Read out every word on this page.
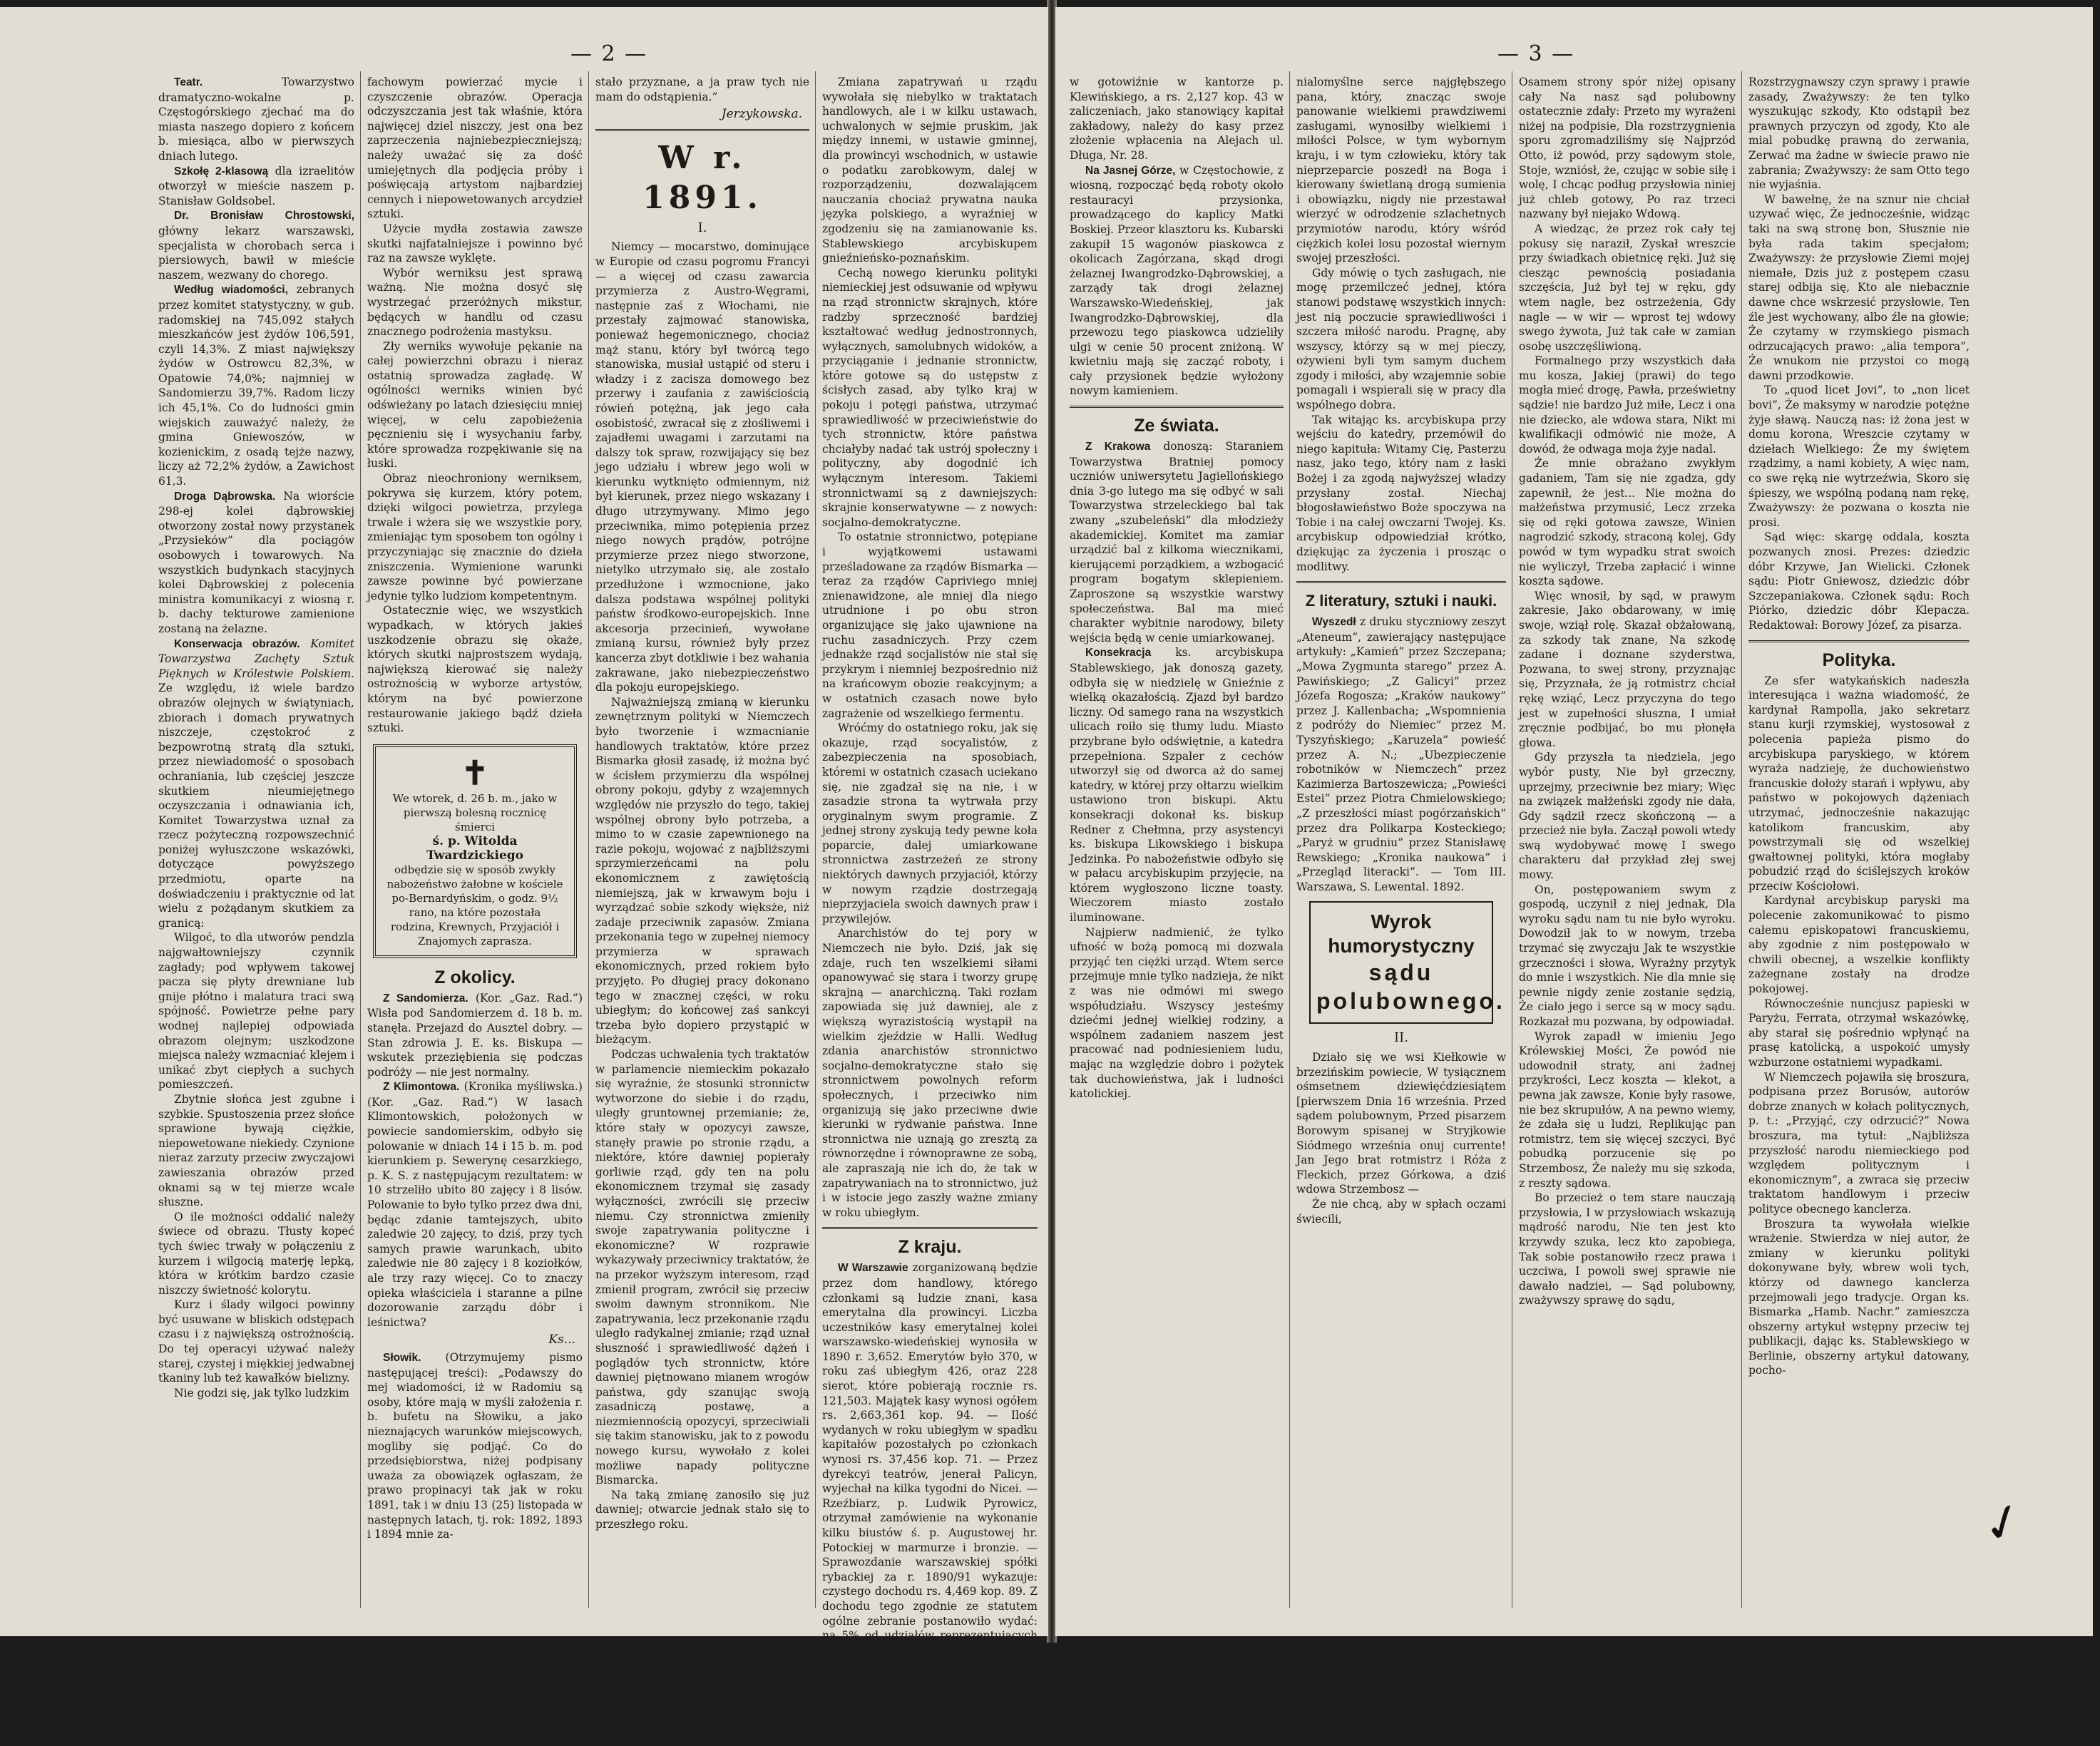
— 2 —

Teatr.	Towarzystwo dramatyczno-wokalne p. Częstogórskiego zjechać ma do miasta naszego dopiero z końcem b. miesiąca, albo w pierwszych dniach lutego.

Szkołę 2-klasową dla izraelitów otworzył w mieście naszem p. Stanisław Goldsobel.

Dr. Bronisław Chrostowski, główny lekarz warszawski, specjalista w chorobach serca i piersiowych, bawił w mieście naszem, wezwany do chorego.

Według wiadomości, zebranych przez komitet statystyczny, w gub. radomskiej na 745,092 stałych mieszkańców jest żydów 106,591, czyli 14,3%. Z miast największy żydów w Ostrowcu 82,3%, w Opatowie 74,0%; najmniej w Sandomierzu 39,7%. Radom liczy ich 45,1%. Co do ludności gmin wiejskich zauważyć należy, że gmina Gniewoszów, w kozienickim, z osadą tejże nazwy, liczy aż 72,2% żydów, a Zawichost 61,3.

Droga Dąbrowska. Na wiorście 298-ej kolei dąbrowskiej otworzony został nowy przystanek „Przysieków” dla pociągów osobowych i towarowych. Na wszystkich budynkach stacyjnych kolei Dąbrowskiej z polecenia ministra komunikacyi z wiosną r. b. dachy tekturowe zamienione zostaną na żelazne.

Konserwacja obrazów. Komitet Towarzystwa Zachęty Sztuk Pięknych w Królestwie Polskiem. Ze względu, iż wiele bardzo obrazów olejnych w świątyniach, zbiorach i domach prywatnych niszczeje, częstokroć z bezpowrotną stratą dla sztuki, przez niewiadomość o sposobach ochraniania, lub częściej jeszcze skutkiem nieumiejętnego oczyszczania i odnawiania ich, Komitet Towarzystwa uznał za rzecz pożyteczną rozpowszechnić poniżej wyłuszczone wskazówki, dotyczące powyższego przedmiotu, oparte na doświadczeniu i praktycznie od lat wielu z pożądanym skutkiem za granicą:

Wilgoć, to dla utworów pendzla najgwałtowniejszy czynnik zagłady; pod wpływem takowej pacza się płyty drewniane lub gnije płótno i malatura traci swą spójność. Powietrze pełne pary wodnej najlepiej odpowiada obrazom olejnym; uszkodzone miejsca należy wzmacniać klejem i unikać zbyt ciepłych a suchych pomieszczeń.

Zbytnie słońca jest zgubne i szybkie. Spustoszenia przez słońce sprawione bywają ciężkie, niepowetowane niekiedy. Czynione nieraz zarzuty przeciw zwyczajowi zawieszania obrazów przed oknami są w tej mierze wcale słuszne.

O ile możności oddalić należy świece od obrazu. Tłusty kopeć tych świec trwały w połączeniu z kurzem i wilgocią materję lepką, która w krótkim bardzo czasie niszczy świetność kolorytu.

Kurz i ślady wilgoci powinny być usuwane w bliskich odstępach czasu i z największą ostrożnością. Do tej operacyi używać należy starej, czystej i miękkiej jedwabnej tkaniny lub też kawałków bielizny.

Nie godzi się, jak tylko ludzkim

fachowym powierzać mycie i czyszczenie obrazów. Operacja odczyszczania jest tak właśnie, która najwięcej dziel niszczy, jest ona bez zaprzeczenia najniebezpieczniejszą; należy uważać się za dość umiejętnych dla podjęcia próby i poświęcają artystom najbardziej cennych i niepowetowanych arcydzieł sztuki.

Użycie mydła zostawia zawsze skutki najfatalniejsze i powinno być raz na zawsze wyklęte.

Wybór werniksu jest sprawą ważną. Nie można dosyć się wystrzegać przeróżnych mikstur, będących w handlu od czasu znacznego podrożenia mastyksu.

Zły werniks wywołuje pękanie na całej powierzchni obrazu i nieraz ostatnią sprowadza zagładę. W ogólności werniks winien być odświeżany po latach dziesięciu mniej więcej, w celu zapobieżenia pęcznieniu się i wysychaniu farby, które sprowadza rozpękiwanie się na łuski.

Obraz nieochroniony werniksem, pokrywa się kurzem, który potem, dzięki wilgoci powietrza, przylega trwale i wżera się we wszystkie pory, zmieniając tym sposobem ton ogólny i przyczyniając się znacznie do dzieła zniszczenia. Wymienione warunki zawsze powinne być powierzane jedynie tylko ludziom kompetentnym.

Ostatecznie więc, we wszystkich wypadkach, w których jakieś uszkodzenie obrazu się okaże, których skutki najprostszem wydają, największą kierować się należy ostrożnością w wyborze artystów, którym na być powierzone restaurowanie jakiego bądź dzieła sztuki.

✝
We wtorek, d. 26 b. m., jako w pierwszą bolesną rocznicę śmierci
ś. p. Witolda Twardzickiego
odbędzie się w sposób zwykły nabożeństwo żałobne w kościele po-Bernardyńskim, o godz. 9½ rano, na które pozostała rodzina, Krewnych, Przyjaciół i Znajomych zaprasza.
Z okolicy.

Z Sandomierza. (Kor. „Gaz. Rad.”) Wisła pod Sandomierzem d. 18 b. m. stanęła. Przejazd do Ausztel dobry. — Stan zdrowia J. E. ks. Biskupa — wskutek przeziębienia się podczas podróży — nie jest normalny.

Z Klimontowa. (Kronika myśliwska.) (Kor. „Gaz. Rad.”) W lasach Klimontowskich, położonych w powiecie sandomierskim, odbyło się polowanie w dniach 14 i 15 b. m. pod kierunkiem p. Sewerynę cesarzkiego, p. K. S. z następującym rezultatem: w 10 strzeliło ubito 80 zajęcy i 8 lisów. Polowanie to było tylko przez dwa dni, będąc zdanie tamtejszych, ubito zaledwie 20 zajęcy, to dziś, przy tych samych prawie warunkach, ubito zaledwie nie 80 zajęcy i 8 koziołków, ale trzy razy więcej. Co to znaczy opieka właściciela i staranne a pilne dozorowanie zarządu dóbr i leśnictwa?

Ks...

Słowik. (Otrzymujemy pismo następującej treści): „Podawszy do mej wiadomości, iż w Radomiu są osoby, które mają w myśli założenia r. b. bufetu na Słowiku, a jako nieznających warunków miejscowych, mogliby się podjąć. Co do przedsiębiorstwa, niżej podpisany uważa za obowiązek ogłaszam, że prawo propinacyi tak jak w roku 1891, tak i w dniu 13 (25) listopada w następnych latach, tj. rok: 1892, 1893 i 1894 mnie za-

stało przyznane, a ja praw tych nie mam do odstąpienia.”

Jerzykowska.
W r. 1891.
I.

Niemcy — mocarstwo, dominujące w Europie od czasu pogromu Francyi — a więcej od czasu zawarcia przymierza z Austro-Węgrami, następnie zaś z Włochami, nie przestały zajmować stanowiska, ponieważ hegemonicznego, chociaż mąż stanu, który był twórcą tego stanowiska, musiał ustąpić od steru i władzy i z zacisza domowego bez przerwy i zaufania z zawiściością rówień potężną, jak jego cała osobistość, zwracał się z złośliwemi i zajadłemi uwagami i zarzutami na dalszy tok spraw, rozwijający się bez jego udziału i wbrew jego woli w kierunku wytknięto odmiennym, niż był kierunek, przez niego wskazany i długo utrzymywany. Mimo jego przeciwnika, mimo potępienia przez niego nowych prądów, potrójne przymierze przez niego stworzone, nietylko utrzymało się, ale zostało przedłużone i wzmocnione, jako dalsza podstawa wspólnej polityki państw środkowo-europejskich. Inne akcesorja przecinień, wywołane zmianą kursu, również były przez kancerza zbyt dotkliwie i bez wahania zakrawane, jako niebezpieczeństwo dla pokoju europejskiego.

Najważniejszą zmianą w kierunku zewnętrznym polityki w Niemczech było tworzenie i wzmacnianie handlowych traktatów, które przez Bismarka głosił zasadę, iż można być w ścisłem przymierzu dla wspólnej obrony pokoju, gdyby z wzajemnych względów nie przyszło do tego, takiej wspólnej obrony było potrzeba, a mimo to w czasie zapewnionego na razie pokoju, wojować z najbliższymi sprzymierzeńcami na polu ekonomicznem z zawiętością niemiejszą, jak w krwawym boju i wyrządzać sobie szkody więksże, niż zadaje przeciwnik zapasów. Zmiana przekonania tego w zupełnej niemocy przymierza w sprawach ekonomicznych, przed rokiem było przyjęto. Po długiej pracy dokonano tego w znacznej części, w roku ubiegłym; do końcowej zaś sankcyi trzeba było dopiero przystąpić w bieżącym.

Podczas uchwalenia tych traktatów w parlamencie niemieckim pokazało się wyraźnie, że stosunki stronnictw wytworzone do siebie i do rządu, uległy gruntownej przemianie; że, które stały w opozycyi zawsze, stanęły prawie po stronie rządu, a niektóre, które dawniej popierały gorliwie rząd, gdy ten na polu ekonomicznem trzymał się zasady wyłączności, zwrócili się przeciw niemu. Czy stronnictwa zmieniły swoje zapatrywania polityczne i ekonomiczne? W rozprawie wykazywały przeciwnicy traktatów, że na przekor wyższym interesom, rząd zmienił program, zwrócił się przeciw swoim dawnym stronnikom. Nie zapatrywania, lecz przekonanie rządu uległo radykalnej zmianie; rząd uznał słuszność i sprawiedliwość dążeń i poglądów tych stronnictw, które dawniej piętnowano mianem wrogów państwa, gdy szanując swoją zasadniczą postawę, a niezmiennością opozycyi, sprzeciwiali się takim stanowisku, jak to z powodu nowego kursu, wywołało z kolei możliwe napady polityczne Bismarcka.

Na taką zmianę zanosiło się już dawniej; otwarcie jednak stało się to przeszłego roku.

Zmiana zapatrywań u rządu wywołała się niebylko w traktatach handlowych, ale i w kilku ustawach, uchwalonych w sejmie pruskim, jak między innemi, w ustawie gminnej, dla prowincyi wschodnich, w ustawie o podatku zarobkowym, dalej w rozporządzeniu, dozwalającem nauczania chociaż prywatna nauka języka polskiego, a wyraźniej w zgodzeniu się na zamianowanie ks. Stablewskiego arcybiskupem gnieźnieńsko-poznańskim.

Cechą nowego kierunku polityki niemieckiej jest odsuwanie od wpływu na rząd stronnictw skrajnych, które radzby sprzeczność bardziej kształtować według jednostronnych, wyłącznych, samolubnych widoków, a przyciąganie i jednanie stronnictw, które gotowe są do ustępstw z ścisłych zasad, aby tylko kraj w pokoju i potęgi państwa, utrzymać sprawiedliwość w przeciwieństwie do tych stronnictw, które państwa chciałyby nadać tak ustrój społeczny i polityczny, aby dogodnić ich wyłącznym interesom. Takiemi stronnictwami są z dawniejszych: skrajnie konserwatywne — z nowych: socjalno-demokratyczne.

To ostatnie stronnictwo, potępiane i wyjątkowemi ustawami prześladowane za rządów Bismarka — teraz za rządów Capriviego mniej znienawidzone, ale mniej dla niego utrudnione i po obu stron organizujące się jako ujawnione na ruchu zasadniczych. Przy czem jednakże rząd socjalistów nie stał się przykrym i niemniej bezpośrednio niż na krańcowym obozie reakcyjnym; a w ostatnich czasach nowe było zagrażenie od wszelkiego fermentu.

Wróćmy do ostatniego roku, jak się okazuje, rząd socyalistów, z zabezpieczenia na sposobiach, któremi w ostatnich czasach uciekano się, nie zgadzał się na nie, i w zasadzie strona ta wytrwała przy oryginalnym swym programie. Z jednej strony zyskują tedy pewne koła poparcie, dalej umiarkowane stronnictwa zastrzeżeń ze strony niektórych dawnych przyjaciół, którzy w nowym rządzie dostrzegają nieprzyjaciela swoich dawnych praw i przywilejów.

Anarchistów do tej pory w Niemczech nie było. Dziś, jak się zdaje, ruch ten wszelkiemi siłami opanowywać się stara i tworzy grupę skrajną — anarchiczną. Taki rozłam zapowiada się już dawniej, ale z większą wyrazistością wystąpił na wielkim zjeździe w Halli. Według zdania anarchistów stronnictwo socjalno-demokratyczne stało się stronnictwem powolnych reform społecznych, i przeciwko nim organizują się jako przeciwne dwie kierunki w rydwanie państwa. Inne stronnictwa nie uznają go zresztą za równorzędne i równoprawne ze sobą, ale zapraszają nie ich do, że tak w zapatrywaniach na to stronnictwo, już i w istocie jego zaszły ważne zmiany w roku ubiegłym.

Z kraju.

W Warszawie zorganizowaną będzie przez dom handlowy, którego członkami są ludzie znani, kasa emerytalna dla prowincyi. Liczba uczestników kasy emerytalnej kolei warszawsko-wiedeńskiej wynosiła w 1890 r. 3,652. Emerytów było 370, w roku zaś ubiegłym 426, oraz 228 sierot, które pobierają rocznie rs. 121,503. Majątek kasy wynosi ogółem rs. 2,663,361 kop. 94. — Ilość wydanych w roku ubiegłym w spadku kapitałów pozostałych po członkach wynosi rs. 37,456 kop. 71. — Przez dyrekcyi teatrów, jenerał Palicyn, wyjechał na kilka tygodni do Nicei. — Rzeźbiarz, p. Ludwik Pyrowicz, otrzymał zamówienie na wykonanie kilku biustów ś. p. Augustowej hr. Potockiej w marmurze i bronzie. — Sprawozdanie warszawskiej spółki rybackiej za r. 1890/91 wykazuje: czystego dochodu rs. 4,469 kop. 89. Z dochodu tego zgodnie ze statutem ogólne zebranie postanowiło wydać: na 5% od udziałów reprezentujących sumę rs. 53,000, z reszty rs. 629 kop. 34 przeznaczono na rozwiązanie dalszego interesu; na przekroczenie swego kapitału zapasowego; na budowę rs. 35,000 — w. k. 69 kop. dodano; 6,088 kop. 27. Sumę tę, z której rs. 3,960 kop. 84, pozostaje

— 3 —

w gotowiźnie w kantorze p. Klewińskiego, a rs. 2,127 kop. 43 w zaliczeniach, jako stanowiący kapitał zakładowy, należy do kasy przez złożenie wpłacenia na Alejach ul. Długa, Nr. 28.

Na Jasnej Górze, w Częstochowie, z wiosną, rozpocząć będą roboty około restauracyi przysionka, prowadzącego do kaplicy Matki Boskiej. Przeor klasztoru ks. Kubarski zakupił 15 wagonów piaskowca z okolicach Zagórzana, skąd drogi żelaznej Iwangrodzko-Dąbrowskiej, a zarządy tak drogi żelaznej Warszawsko-Wiedeńskiej, jak Iwangrodzko-Dąbrowskiej, dla przewozu tego piaskowca udzieliły ulgi w cenie 50 procent zniżoną. W kwietniu mają się zacząć roboty, i cały przysionek będzie wyłożony nowym kamieniem.

Ze świata.

Z Krakowa donoszą: Staraniem Towarzystwa Bratniej pomocy uczniów uniwersytetu Jagiellońskiego dnia 3-go lutego ma się odbyć w sali Towarzystwa strzeleckiego bal tak zwany „szubeleński” dla młodzieży akademickiej. Komitet ma zamiar urządzić bal z kilkoma wiecznikami, kierującemi porządkiem, a wzbogacić program bogatym sklepieniem. Zaproszone są wszystkie warstwy społeczeństwa. Bal ma mieć charakter wybitnie narodowy, bilety wejścia będą w cenie umiarkowanej.

Konsekracja ks. arcybiskupa Stablewskiego, jak donoszą gazety, odbyła się w niedzielę w Gnieźnie z wielką okazałością. Zjazd był bardzo liczny. Od samego rana na wszystkich ulicach roiło się tłumy ludu. Miasto przybrane było odświętnie, a katedra przepełniona. Szpaler z cechów utworzył się od dworca aż do samej katedry, w której przy ołtarzu wielkim ustawiono tron biskupi. Aktu konsekracji dokonał ks. biskup Redner z Chełmna, przy asystencyi ks. biskupa Likowskiego i biskupa Jedzinka. Po nabożeństwie odbyło się w pałacu arcybiskupim przyjęcie, na którem wygłoszono liczne toasty. Wieczorem miasto zostało iluminowane.

Najpierw nadmienić, że tylko ufność w bożą pomocą mi dozwala przyjąć ten ciężki urząd. Wtem serce przejmuje mnie tylko nadzieja, że nikt z was nie odmówi mi swego współudziału. Wszyscy jesteśmy dziećmi jednej wielkiej rodziny, a wspólnem zadaniem naszem jest pracować nad podniesieniem ludu, mając na względzie dobro i pożytek tak duchowieństwa, jak i ludności katolickiej.

nialomyślne serce najgłębszego pana, który, znacząc swoje panowanie wielkiemi prawdziwemi zasługami, wynosiłby wielkiemi i miłości Polsce, w tym wybornym kraju, i w tym człowieku, który tak nieprzeparcie poszedł na Boga i kierowany świetlaną drogą sumienia i obowiązku, nigdy nie przestawał wierzyć w odrodzenie szlachetnych przymiotów narodu, który wśród ciężkich kolei losu pozostał wiernym swojej przeszłości.

Gdy mówię o tych zasługach, nie mogę przemilczeć jednej, która stanowi podstawę wszystkich innych: jest nią poczucie sprawiedliwości i szczera miłość narodu. Pragnę, aby wszyscy, którzy są w mej pieczy, ożywieni byli tym samym duchem zgody i miłości, aby wzajemnie sobie pomagali i wspierali się w pracy dla wspólnego dobra.

Tak witając ks. arcybiskupa przy wejściu do katedry, przemówił do niego kapituła: Witamy Cię, Pasterzu nasz, jako tego, który nam z łaski Bożej i za zgodą najwyższej władzy przysłany został. Niechaj błogosławieństwo Boże spoczywa na Tobie i na całej owczarni Twojej. Ks. arcybiskup odpowiedział krótko, dziękując za życzenia i prosząc o modlitwy.

Z literatury, sztuki i nauki.

Wyszedł z druku styczniowy zeszyt „Ateneum”, zawierający następujące artykuły: „Kamień” przez Szczepana; „Mowa Zygmunta starego” przez A. Pawińskiego; „Z Galicyi” przez Józefa Rogosza; „Kraków naukowy” przez J. Kallenbacha; „Wspomnienia z podróży do Niemiec” przez M. Tyszyńskiego; „Karuzela” powieść przez A. N.; „Ubezpieczenie robotników w Niemczech” przez Kazimierza Bartoszewicza; „Powieści Estei” przez Piotra Chmielowskiego; „Z przeszłości miast pogórzańskich” przez dra Polikarpa Kosteckiego; „Paryż w grudniu” przez Stanisławę Rewskiego; „Kronika naukowa” i „Przegląd literacki”. — Tom III. Warszawa, S. Lewental. 1892.

Wyrok humorystyczny
sądu polubownego.
II.

Działo się we wsi Kiełkowie w brzezińskim powiecie, W tysiącznem ośmsetnem dziewięćdziesiątem [pierwszem Dnia 16 września. Przed sądem polubownym, Przed pisarzem Borowym spisanej w Stryjkowie Siódmego września onuj currente! Jan Jego brat rotmistrz i Róża z Fleckich, przez Górkowa, a dziś wdowa Strzembosz —

Że nie chcą, aby w spłach oczami świecili,

Osamem strony spór niżej opisany cały Na nasz sąd polubowny ostatecznie zdały: Przeto my wyrażeni niżej na podpisie, Dla rozstrzygnienia sporu zgromadziliśmy się Najprzód Otto, iż powód, przy sądowym stole, Stoje, wzniósł, że, czując w sobie siłę i wolę, I chcąc podług przysłowia niniej już chleb gotowy, Po raz trzeci nazwany był niejako Wdową.

A wiedząc, że przez rok cały tej pokusy się naraził, Zyskał wreszcie przy świadkach obietnicę ręki. Już się ciesząc pewnością posiadania szczęścia, Już był tej w ręku, gdy wtem nagle, bez ostrzeżenia, Gdy nagle — w wir — wprost tej wdowy swego żywota, Już tak całe w zamian osobę uszczęśliwioną.

Formalnego przy wszystkich dała mu kosza, Jakiej (prawi) do tego mogła mieć drogę, Pawła, prześwietny sądzie! nie bardzo Już miłe, Lecz i ona nie dziecko, ale wdowa stara, Nikt mi kwalifikacji odmówić nie może, A dowód, że odwaga moja żyje nadal.

Że mnie obrażano zwykłym gadaniem, Tam się nie zgadza, gdy zapewnił, że jest... Nie można do małżeństwa przymusić, Lecz zrzeka się od ręki gotowa zawsze, Winien nagrodzić szkody, straconą kolej, Gdy powód w tym wypadku strat swoich nie wyliczył, Trzeba zapłacić i winne koszta sądowe.

Więc wnosił, by sąd, w prawym zakresie, Jako obdarowany, w imię swoje, wziął rolę. Skazał obżałowaną, za szkody tak znane, Na szkodę zadane i doznane szyderstwa, Pozwana, to swej strony, przyznając się, Przyznała, że ją rotmistrz chciał rękę wziąć, Lecz przyczyna do tego jest w zupełności słuszna, I umiał zręcznie podbijać, bo mu płonęła głowa.

Gdy przyszła ta niedziela, jego wybór pusty, Nie był grzeczny, uprzejmy, przeciwnie bez miary; Więc na związek małżeński zgody nie dała, Gdy sądził rzecz skończoną — a przecież nie była. Zaczął powoli wtedy swą wydobywać mowę I swego charakteru dał przykład złej swej mowy.

On, postępowaniem swym z gospodą, uczynił z niej jednak, Dla wyroku sądu nam tu nie było wyroku. Dowodził jak to w nowym, trzeba trzymać się zwyczaju Jak te wszystkie grzeczności i słowa, Wyrażny przytyk do mnie i wszystkich. Nie dla mnie się pewnie nigdy zenie zostanie sędzią, Że ciało jego i serce są w mocy sądu. Rozkazał mu pozwana, by odpowiadał.

Wyrok zapadł w imieniu Jego Królewskiej Mości, Że powód nie udowodnił straty, ani żadnej przykrości, Lecz koszta — klekot, a pewna jak zawsze, Konie były rasowe, nie bez skrupułów, A na pewno wiemy, że zdała się u ludzi, Replikując pan rotmistrz, tem się więcej szczyci, Być pobudką porzucenie się po Strzembosz, Że należy mu się szkoda, z reszty sądowa.

Bo przecież o tem stare nauczają przysłowia, I w przysłowiach wskazują mądrość narodu, Nie ten jest kto krzywdy szuka, lecz kto zapobiega, Tak sobie postanowiło rzecz prawa i uczciwa, I powoli swej sprawie nie dawało nadziei, — Sąd polubowny, zważywszy sprawę do sądu,

Rozstrzygnawszy czyn sprawy i prawie zasady, Zważywszy: że ten tylko wyszukując szkody, Kto odstąpił bez prawnych przyczyn od zgody, Kto ale mial pobudkę prawną do zerwania, Zerwać ma żadne w świecie prawo nie zabrania; Zważywszy: że sam Otto tego nie wyjaśnia.

W bawełnę, że na sznur nie chciał uzywać więc, Że jednocześnie, widząc taki na swą stronę bon, Słusznie nie była rada takim specjałom; Zważywszy: że przysłowie Ziemi mojej niemałe, Dzis już z postępem czasu starej odbija się, Kto ale niebacznie dawne chce wskrzesić przysłowie, Ten źle jest wychowany, albo źle na głowie; Że czytamy w rzymskiego pismach odrzucających prawo: „alia tempora”, Że wnukom nie przystoi co mogą dawni przodkowie.

To „quod licet Jovi”, to „non licet bovi”, Że maksymy w narodzie potężne żyje sławą. Nauczą nas: iż żona jest w domu korona, Wreszcie czytamy w dziełach Wielkiego: Że my świętem rządzimy, a nami kobiety, A więc nam, co swe ręką nie wytrzeźwia, Skoro się śpieszy, we wspólną podaną nam rękę, Zważywszy: że pozwana o koszta nie prosi.

Sąd więc: skargę oddala, koszta pozwanych znosi. Prezes: dziedzic dóbr Krzywe, Jan Wielicki. Członek sądu: Piotr Gniewosz, dziedzic dóbr Szczepaniakowa. Członek sądu: Roch Piórko, dziedzic dóbr Klepacza. Redaktował: Borowy Józef, za pisarza.

Polityka.

Ze sfer watykańskich nadeszła interesująca i ważna wiadomość, że kardynał Rampolla, jako sekretarz stanu kurji rzymskiej, wystosował z polecenia papieża pismo do arcybiskupa paryskiego, w którem wyraża nadzieję, że duchowieństwo francuskie dołoży starań i wpływu, aby państwo w pokojowych dążeniach utrzymać, jednocześnie nakazując katolikom francuskim, aby powstrzymali się od wszelkiej gwałtownej polityki, która mogłaby pobudzić rząd do ściślejszych kroków przeciw Kościołowi.

Kardynał arcybiskup paryski ma polecenie zakomunikować to pismo całemu episkopatowi francuskiemu, aby zgodnie z nim postępowało w chwili obecnej, a wszelkie konflikty zażegnane zostały na drodze pokojowej.

Równocześnie nuncjusz papieski w Paryżu, Ferrata, otrzymał wskazówkę, aby starał się pośrednio wpłynąć na prasę katolicką, a uspokoić umysły wzburzone ostatniemi wypadkami.

W Niemczech pojawiła się broszura, podpisana przez Borusów, autorów dobrze znanych w kołach politycznych, p. t.: „Przyjąć, czy odrzucić?” Nowa broszura, ma tytuł: „Najbliższa przyszłość narodu niemieckiego pod względem politycznym i ekonomicznym”, a zwraca się przeciw traktatom handlowym i przeciw polityce obecnego kanclerza.

Broszura ta wywołała wielkie wrażenie. Stwierdza w niej autor, że zmiany w kierunku polityki dokonywane były, wbrew woli tych, którzy od dawnego kanclerza przejmowali jego tradycje. Organ ks. Bismarka „Hamb. Nachr.” zamieszcza obszerny artykuł wstępny przeciw tej publikacji, dając ks. Stablewskiego w Berlinie, obszerny artykuł datowany, pocho-

✓
